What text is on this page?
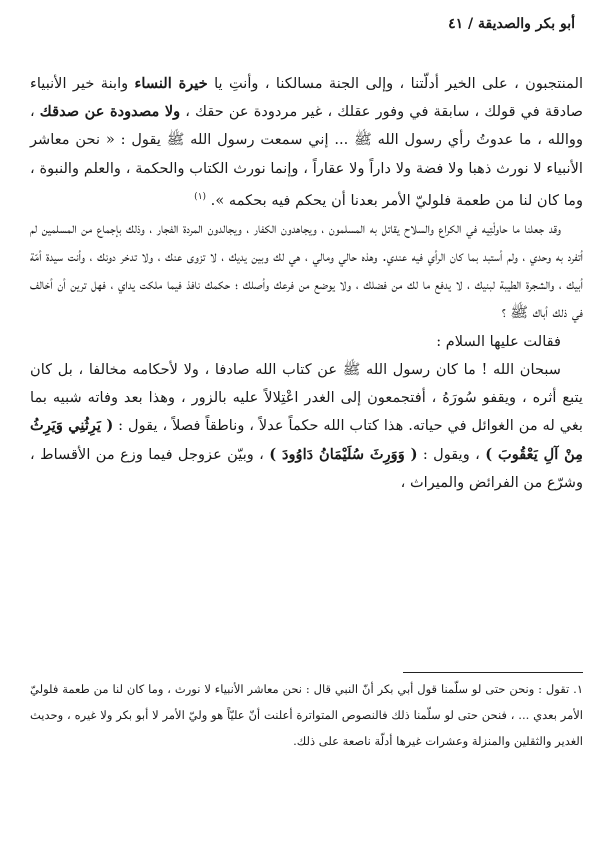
أبو بكر والصديقة / ٤١

المنتجبون ، على الخير أدلّتنا ، وإلى الجنة مسالكنا ، وأنتِ يا خيرة النساء وابنة خير الأنبياء صادقة في قولك ، سابقة في وفور عقلك ، غير مردودة عن حقك ، ولا مصدودة عن صدقك ، ووالله ، ما عدوتُ رأي رسول الله ﷺ ... إني سمعت رسول الله ﷺ يقول : « نحن معاشر الأنبياء لا نورث ذهبا ولا فضة ولا داراً ولا عقاراً ، وإنما نورث الكتاب والحكمة ، والعلم والنبوة ، وما كان لنا من طعمة فلوليّ الأمر بعدنا أن يحكم فيه بحكمه ». $^{(١)}$

وقد جعلنا ما حاولْتِيه في الكراع والسلاح يقاتل به المسلمون ، ويجاهدون الكفار ، ويجالدون المردة الفجار ، وذلك بإجماع من المسلمين لم أتفرد به وحدي ، ولم أستبد بما كان الرأي فيه عندي. وهذه حالي ومالي ، هي لك وبين يديك ، لا تزوى عنك ، ولا تدخر دونك ، وأنت سيدة أمّة أبيك ، والشجرة الطيبة لبنيك ، لا يدفع ما لك من فضلك ، ولا يوضع من فرعك وأصلك ؛ حكمك نافذ فيما ملكت يداي ، فهل ترين أن أخالف في ذلك أباك ﷺ ؟

فقالت عليها السلام :

سبحان الله ! ما كان رسول الله ﷺ عن كتاب الله صادفا ، ولا لأحكامه مخالفا ، بل كان يتبع أثره ، ويقفو سُورَهُ ، أفتجمعون إلى الغدر اعْتِلالاً عليه بالزور ، وهذا بعد وفاته شبيه بما بغي له من الغوائل في حياته. هذا كتاب الله حكماً عدلاً ، وناطقاً فصلاً ، يقول : ( يَرِثُنِي وَيَرِثُ مِنْ آلِ يَعْقُوبَ ) ، ويقول : ( وَوَرِثَ سُلَيْمَانُ دَاوُودَ ) ، وبيّن عزوجل فيما وزع من الأقساط ، وشرّع من الفرائض والميراث ،

١. تقول : ونحن حتى لو سلّمنا قول أبي بكر أنّ النبي قال : نحن معاشر الأنبياء لا نورث ، وما كان لنا من طعمة فلوليّ الأمر بعدي ... ، فنحن حتى لو سلّمنا ذلك فالنصوص المتواترة أعلنت أنّ عليّاً هو وليّ الأمر لا أبو بكر ولا غيره ، وحديث الغدير والثقلين والمنزلة وعشرات غيرها أدلّة ناصعة على ذلك.
